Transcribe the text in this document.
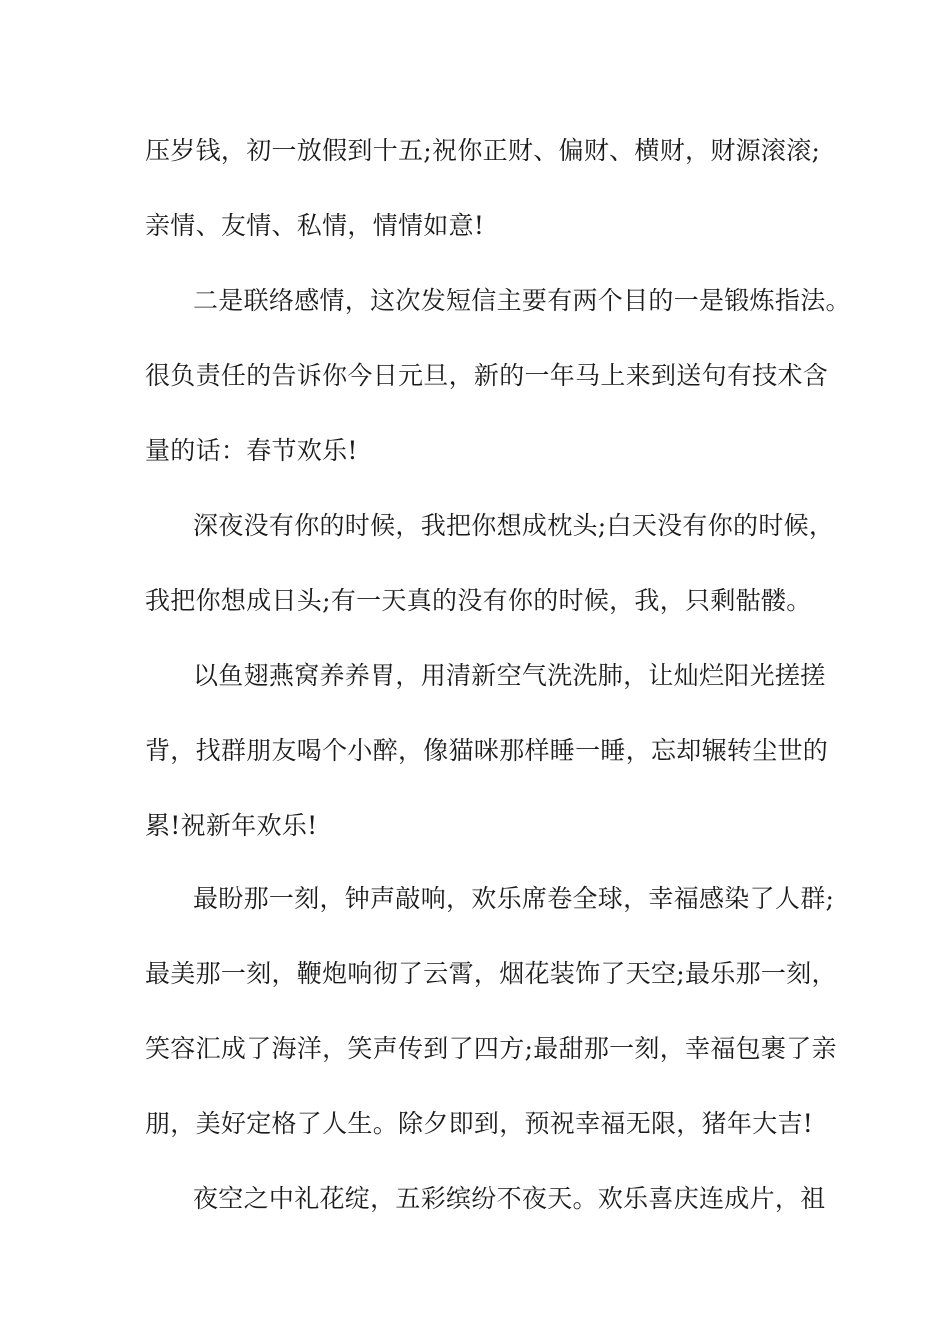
压岁钱，初一放假到十五;祝你正财、偏财、横财，财源滚滚;
亲情、友情、私情，情情如意!
二是联络感情，这次发短信主要有两个目的一是锻炼指法。
很负责任的告诉你今日元旦，新的一年马上来到送句有技术含
量的话：春节欢乐!
深夜没有你的时候，我把你想成枕头;白天没有你的时候，
我把你想成日头;有一天真的没有你的时候，我，只剩骷髅。
以鱼翅燕窝养养胃，用清新空气洗洗肺，让灿烂阳光搓搓
背，找群朋友喝个小醉，像猫咪那样睡一睡，忘却辗转尘世的
累!祝新年欢乐!
最盼那一刻，钟声敲响，欢乐席卷全球，幸福感染了人群;
最美那一刻，鞭炮响彻了云霄，烟花装饰了天空;最乐那一刻，
笑容汇成了海洋，笑声传到了四方;最甜那一刻，幸福包裹了亲
朋，美好定格了人生。除夕即到，预祝幸福无限，猪年大吉!
夜空之中礼花绽，五彩缤纷不夜天。欢乐喜庆连成片，祖
